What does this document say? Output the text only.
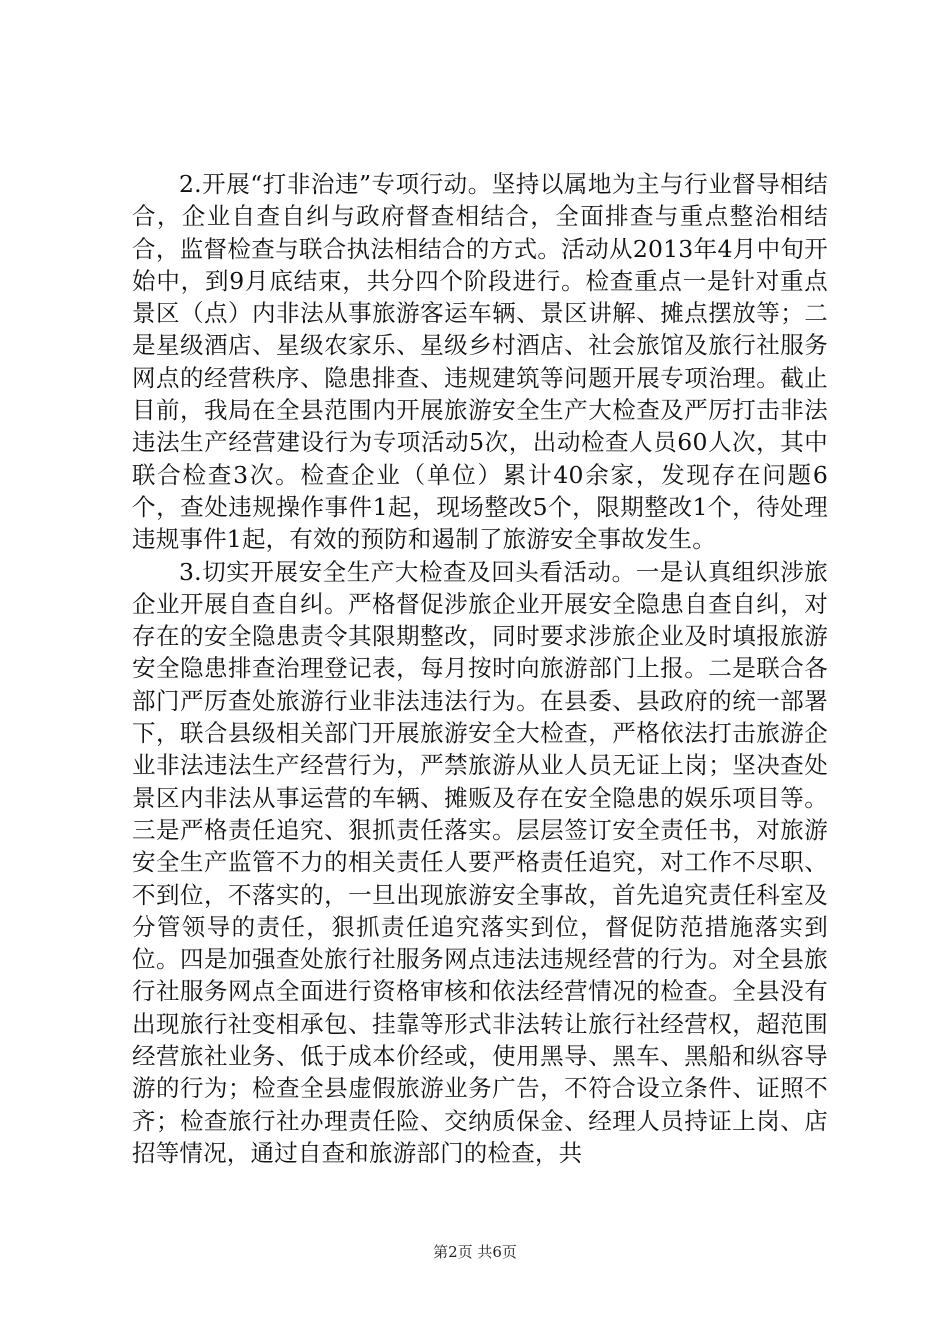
2.开展“打非治违”专项行动。坚持以属地为主与行业督导相结合，企业自查自纠与政府督查相结合，全面排查与重点整治相结合，监督检查与联合执法相结合的方式。活动从2013年4月中旬开始中，到9月底结束，共分四个阶段进行。检查重点一是针对重点景区（点）内非法从事旅游客运车辆、景区讲解、摊点摆放等；二是星级酒店、星级农家乐、星级乡村酒店、社会旅馆及旅行社服务网点的经营秩序、隐患排查、违规建筑等问题开展专项治理。截止目前，我局在全县范围内开展旅游安全生产大检查及严厉打击非法违法生产经营建设行为专项活动5次，出动检查人员60人次，其中联合检查3次。检查企业（单位）累计40余家，发现存在问题6个，查处违规操作事件1起，现场整改5个，限期整改1个，待处理违规事件1起，有效的预防和遏制了旅游安全事故发生。

3.切实开展安全生产大检查及回头看活动。一是认真组织涉旅企业开展自查自纠。严格督促涉旅企业开展安全隐患自查自纠，对存在的安全隐患责令其限期整改，同时要求涉旅企业及时填报旅游安全隐患排查治理登记表，每月按时向旅游部门上报。二是联合各部门严厉查处旅游行业非法违法行为。在县委、县政府的统一部署下，联合县级相关部门开展旅游安全大检查，严格依法打击旅游企业非法违法生产经营行为，严禁旅游从业人员无证上岗；坚决查处景区内非法从事运营的车辆、摊贩及存在安全隐患的娱乐项目等。三是严格责任追究、狠抓责任落实。层层签订安全责任书，对旅游安全生产监管不力的相关责任人要严格责任追究，对工作不尽职、不到位，不落实的，一旦出现旅游安全事故，首先追究责任科室及分管领导的责任，狠抓责任追究落实到位，督促防范措施落实到位。四是加强查处旅行社服务网点违法违规经营的行为。对全县旅行社服务网点全面进行资格审核和依法经营情况的检查。全县没有出现旅行社变相承包、挂靠等形式非法转让旅行社经营权，超范围经营旅社业务、低于成本价经或，使用黑导、黑车、黑船和纵容导游的行为；检查全县虚假旅游业务广告，不符合设立条件、证照不齐；检查旅行社办理责任险、交纳质保金、经理人员持证上岗、店招等情况，通过自查和旅游部门的检查，共

第2页 共6页
